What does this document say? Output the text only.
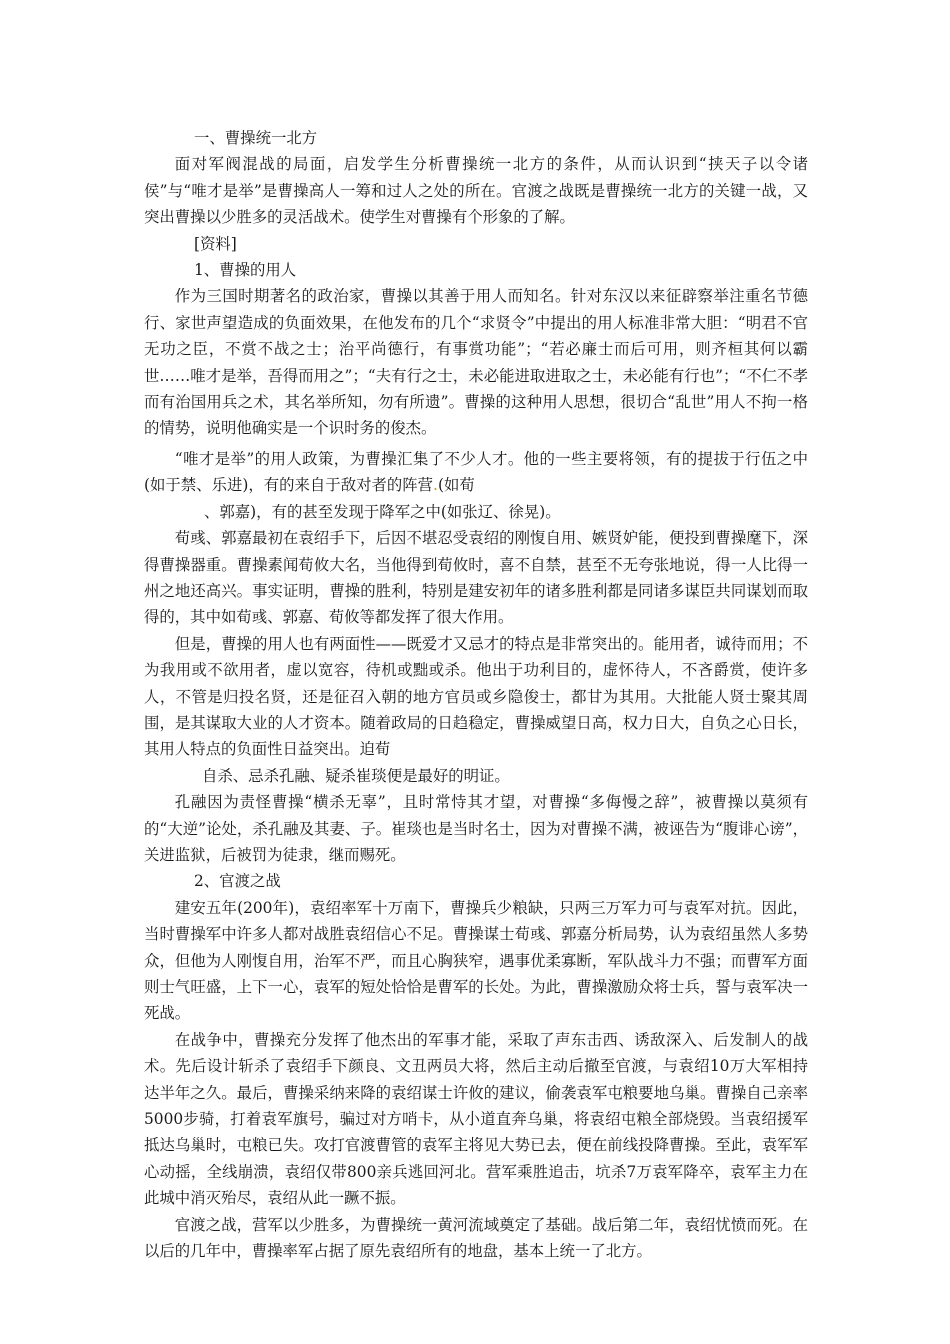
一、曹操统一北方

面对军阀混战的局面，启发学生分析曹操统一北方的条件，从而认识到“挟天子以令诸侯”与“唯才是举”是曹操高人一筹和过人之处的所在。官渡之战既是曹操统一北方的关键一战，又突出曹操以少胜多的灵活战术。使学生对曹操有个形象的了解。

[资料]

1、曹操的用人

作为三国时期著名的政治家，曹操以其善于用人而知名。针对东汉以来征辟察举注重名节德行、家世声望造成的负面效果，在他发布的几个“求贤令”中提出的用人标准非常大胆：“明君不官无功之臣，不赏不战之士；治平尚德行，有事赏功能”；“若必廉士而后可用，则齐桓其何以霸世……唯才是举，吾得而用之”；“夫有行之士，未必能进取进取之士，未必能有行也”；“不仁不孝而有治国用兵之术，其名举所知，勿有所遗”。曹操的这种用人思想，很切合“乱世”用人不拘一格的情势，说明他确实是一个识时务的俊杰。

“唯才是举”的用人政策，为曹操汇集了不少人才。他的一些主要将领，有的提拔于行伍之中(如于禁、乐进)，有的来自于敌对者的阵营.(如荀

、郭嘉)，有的甚至发现于降军之中(如张辽、徐晃)。

荀彧、郭嘉最初在袁绍手下，后因不堪忍受袁绍的刚愎自用、嫉贤妒能，便投到曹操麾下，深得曹操器重。曹操素闻荀攸大名，当他得到荀攸时，喜不自禁，甚至不无夸张地说，得一人比得一州之地还高兴。事实证明，曹操的胜利，特别是建安初年的诸多胜利都是同诸多谋臣共同谋划而取得的，其中如荀彧、郭嘉、荀攸等都发挥了很大作用。

但是，曹操的用人也有两面性——既爱才又忌才的特点是非常突出的。能用者，诚待而用；不为我用或不欲用者，虚以宽容，待机或黜或杀。他出于功利目的，虚怀待人，不吝爵赏，使许多人，不管是归投名贤，还是征召入朝的地方官员或乡隐俊士，都甘为其用。大批能人贤士聚其周围，是其谋取大业的人才资本。随着政局的日趋稳定，曹操威望日高，权力日大，自负之心日长，其用人特点的负面性日益突出。迫荀

自杀、忌杀孔融、疑杀崔琰便是最好的明证。

孔融因为责怪曹操“横杀无辜”，且时常恃其才望，对曹操“多侮慢之辞”，被曹操以莫须有的“大逆”论处，杀孔融及其妻、子。崔琰也是当时名士，因为对曹操不满，被诬告为“腹诽心谤”，关进监狱，后被罚为徒隶，继而赐死。

2、官渡之战

建安五年(200年)，袁绍率军十万南下，曹操兵少粮缺，只两三万军力可与袁军对抗。因此，当时曹操军中许多人都对战胜袁绍信心不足。曹操谋士荀彧、郭嘉分析局势，认为袁绍虽然人多势众，但他为人刚愎自用，治军不严，而且心胸狭窄，遇事优柔寡断，军队战斗力不强；而曹军方面则士气旺盛，上下一心，袁军的短处恰恰是曹军的长处。为此，曹操激励众将士兵，誓与袁军决一死战。

在战争中，曹操充分发挥了他杰出的军事才能，采取了声东击西、诱敌深入、后发制人的战术。先后设计斩杀了袁绍手下颜良、文丑两员大将，然后主动后撤至官渡，与袁绍10万大军相持达半年之久。最后，曹操采纳来降的袁绍谋士许攸的建议，偷袭袁军屯粮要地乌巢。曹操自己亲率5000步骑，打着袁军旗号，骗过对方哨卡，从小道直奔乌巢，将袁绍屯粮全部烧毁。当袁绍援军抵达乌巢时，屯粮已失。攻打官渡曹管的袁军主将见大势已去，便在前线投降曹操。至此，袁军军心动摇，全线崩溃，袁绍仅带800亲兵逃回河北。营军乘胜追击，坑杀7万袁军降卒，袁军主力在此城中消灭殆尽，袁绍从此一蹶不振。

官渡之战，营军以少胜多，为曹操统一黄河流域奠定了基础。战后第二年，袁绍忧愤而死。在以后的几年中，曹操率军占据了原先袁绍所有的地盘，基本上统一了北方。
